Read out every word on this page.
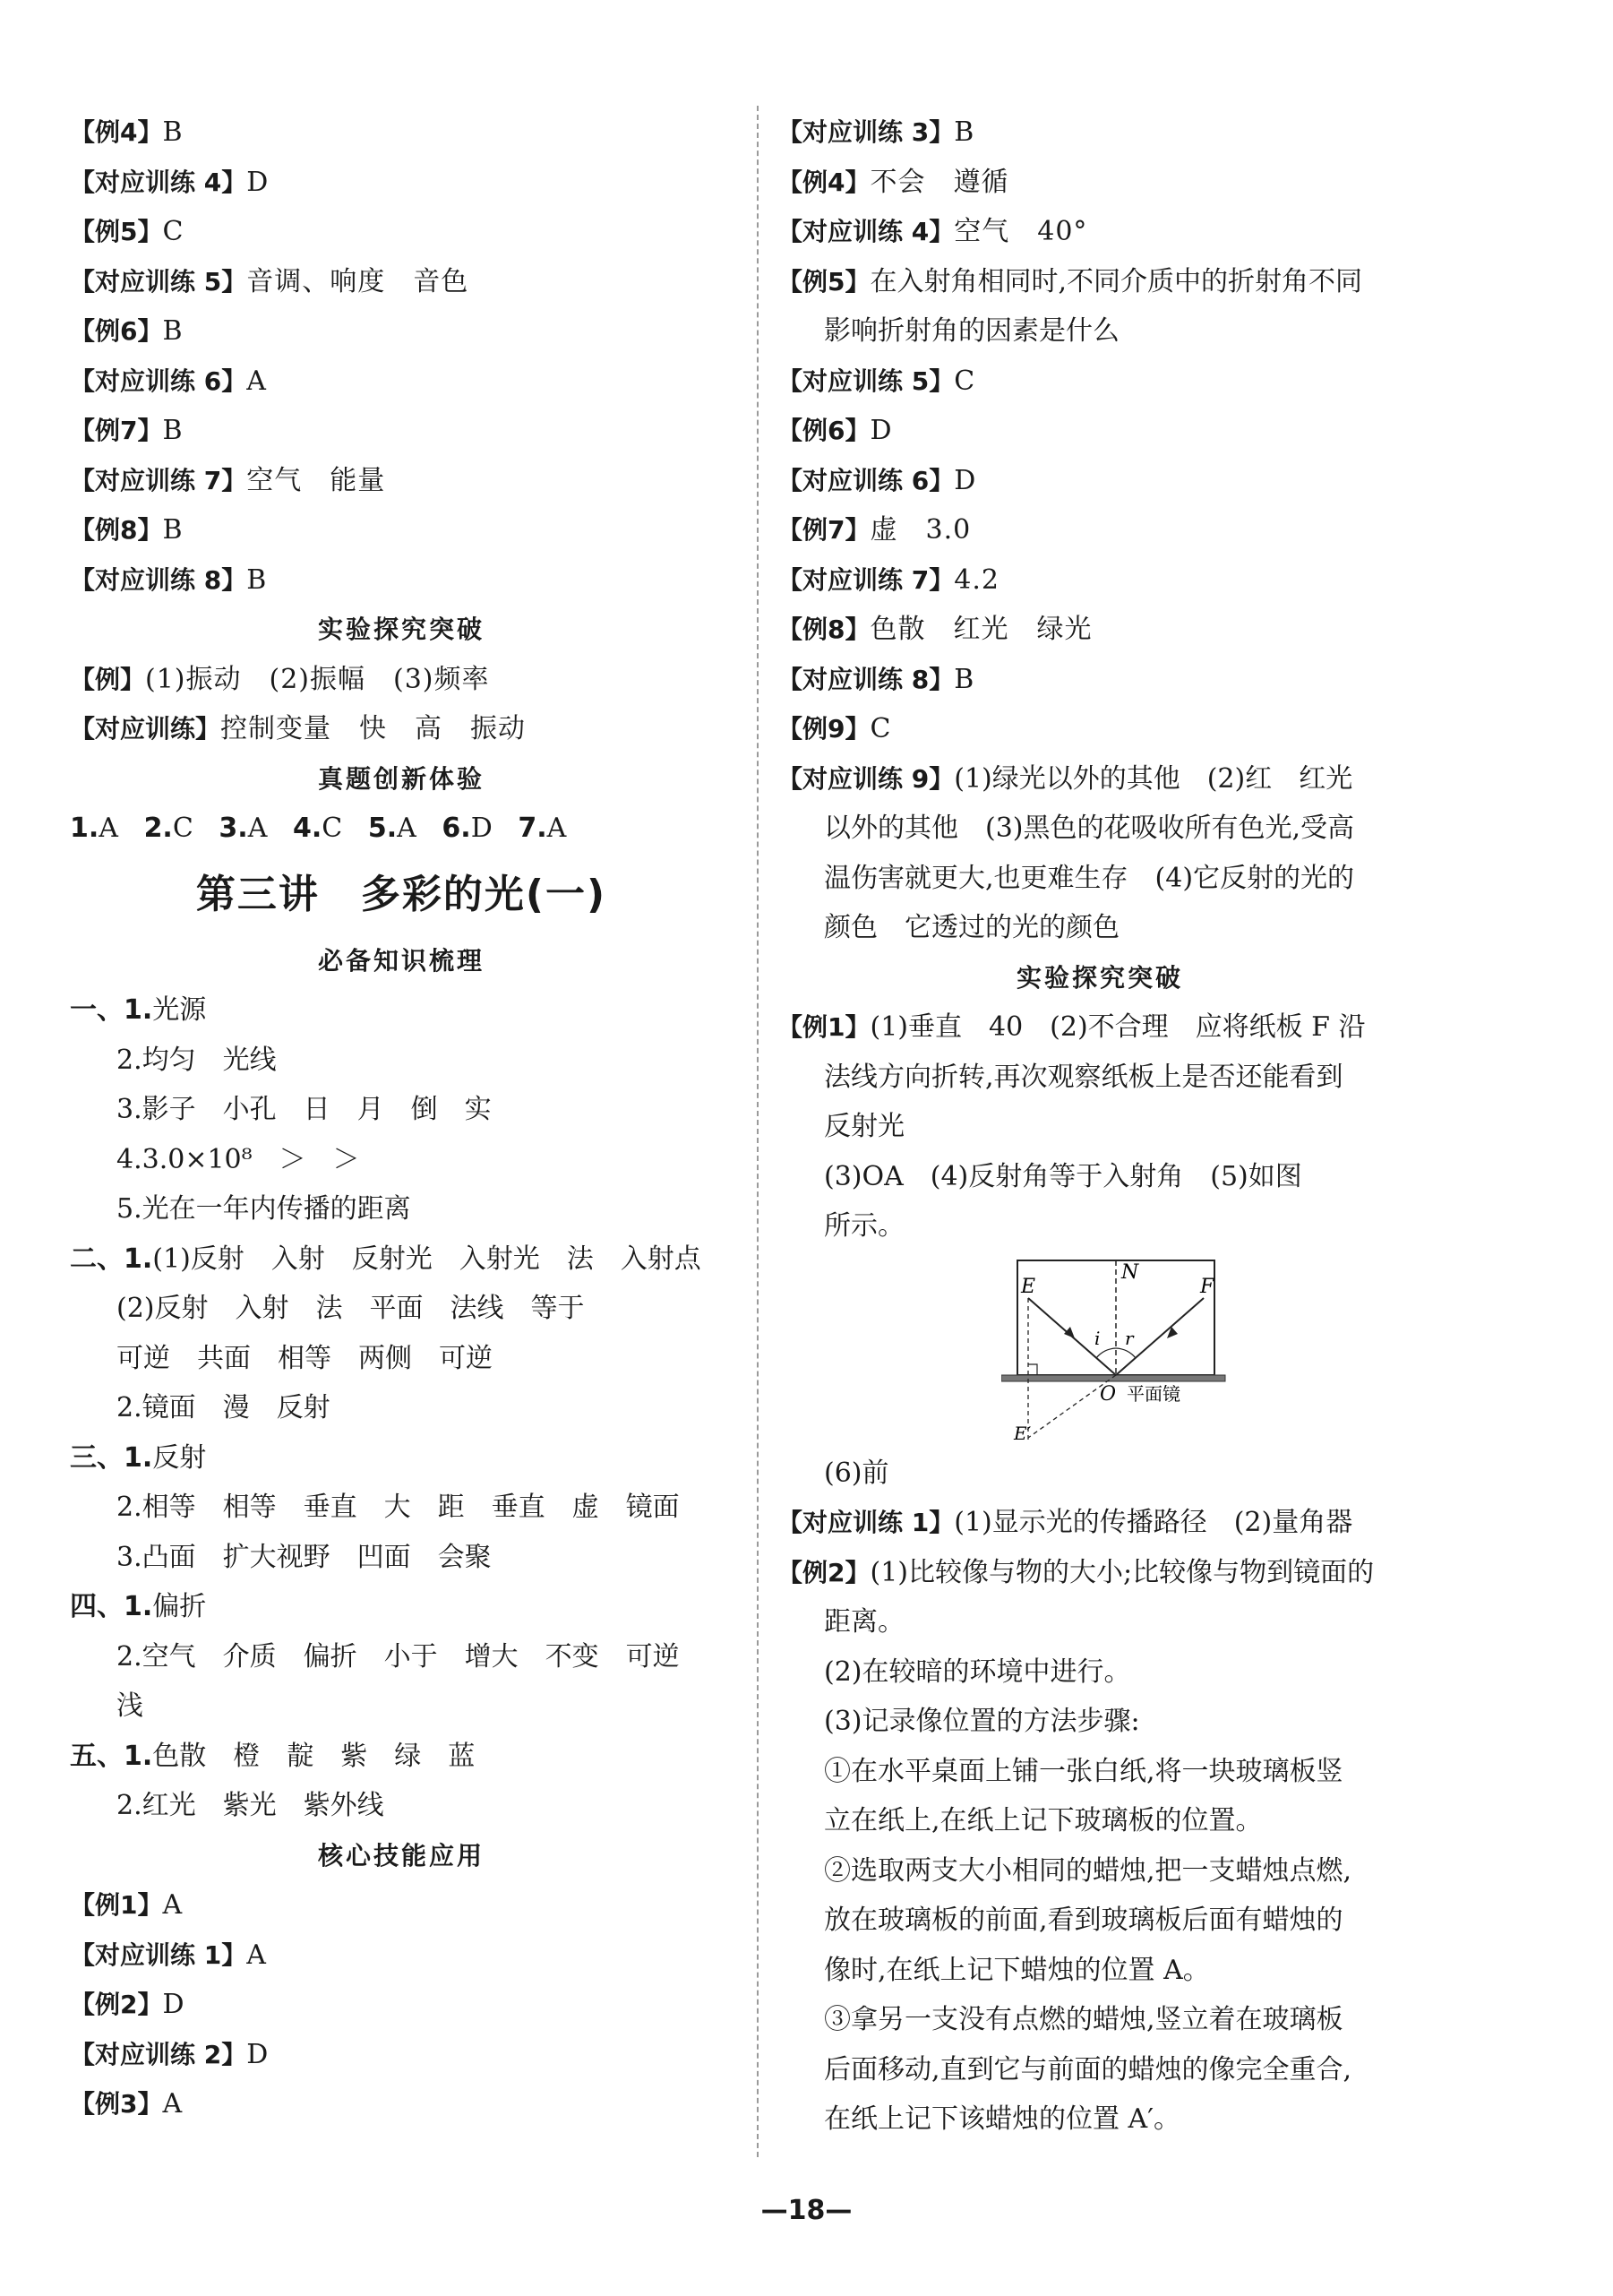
【例4】B
【对应训练 4】D
【例5】C
【对应训练 5】音调、响度　音色
【例6】B
【对应训练 6】A
【例7】B
【对应训练 7】空气　能量
【例8】B
【对应训练 8】B
实验探究突破
【例】(1)振动　(2)振幅　(3)频率
【对应训练】控制变量　快　高　振动
真题创新体验
1.A 2.C 3.A 4.C 5.A 6.D 7.A
第三讲　多彩的光(一)
必备知识梳理
一、1.光源
2.均匀　光线
3.影子　小孔　日　月　倒　实
4.3.0×10⁸　＞　＞
5.光在一年内传播的距离
二、1.(1)反射　入射　反射光　入射光　法　入射点
(2)反射　入射　法　平面　法线　等于
可逆　共面　相等　两侧　可逆
2.镜面　漫　反射
三、1.反射
2.相等　相等　垂直　大　距　垂直　虚　镜面
3.凸面　扩大视野　凹面　会聚
四、1.偏折
2.空气　介质　偏折　小于　增大　不变　可逆
浅
五、1.色散　橙　靛　紫　绿　蓝
2.红光　紫光　紫外线
核心技能应用
【例1】A
【对应训练 1】A
【例2】D
【对应训练 2】D
【例3】A
【对应训练 3】B
【例4】不会　遵循
【对应训练 4】空气　40°
【例5】在入射角相同时,不同介质中的折射角不同
影响折射角的因素是什么
【对应训练 5】C
【例6】D
【对应训练 6】D
【例7】虚　3.0
【对应训练 7】4.2
【例8】色散　红光　绿光
【对应训练 8】B
【例9】C
【对应训练 9】(1)绿光以外的其他　(2)红　红光
以外的其他　(3)黑色的花吸收所有色光,受高
温伤害就更大,也更难生存　(4)它反射的光的
颜色　它透过的光的颜色
实验探究突破
【例1】(1)垂直　40　(2)不合理　应将纸板 F 沿
法线方向折转,再次观察纸板上是否还能看到
反射光
(3)OA　(4)反射角等于入射角　(5)如图
所示。
N
E	F
i r
O 平面镜
E′
(6)前
【对应训练 1】(1)显示光的传播路径　(2)量角器
【例2】(1)比较像与物的大小;比较像与物到镜面的
距离。
(2)在较暗的环境中进行。
(3)记录像位置的方法步骤:
①在水平桌面上铺一张白纸,将一块玻璃板竖
立在纸上,在纸上记下玻璃板的位置。
②选取两支大小相同的蜡烛,把一支蜡烛点燃,
放在玻璃板的前面,看到玻璃板后面有蜡烛的
像时,在纸上记下蜡烛的位置 A。
③拿另一支没有点燃的蜡烛,竖立着在玻璃板
后面移动,直到它与前面的蜡烛的像完全重合,
在纸上记下该蜡烛的位置 A′。
—18—
